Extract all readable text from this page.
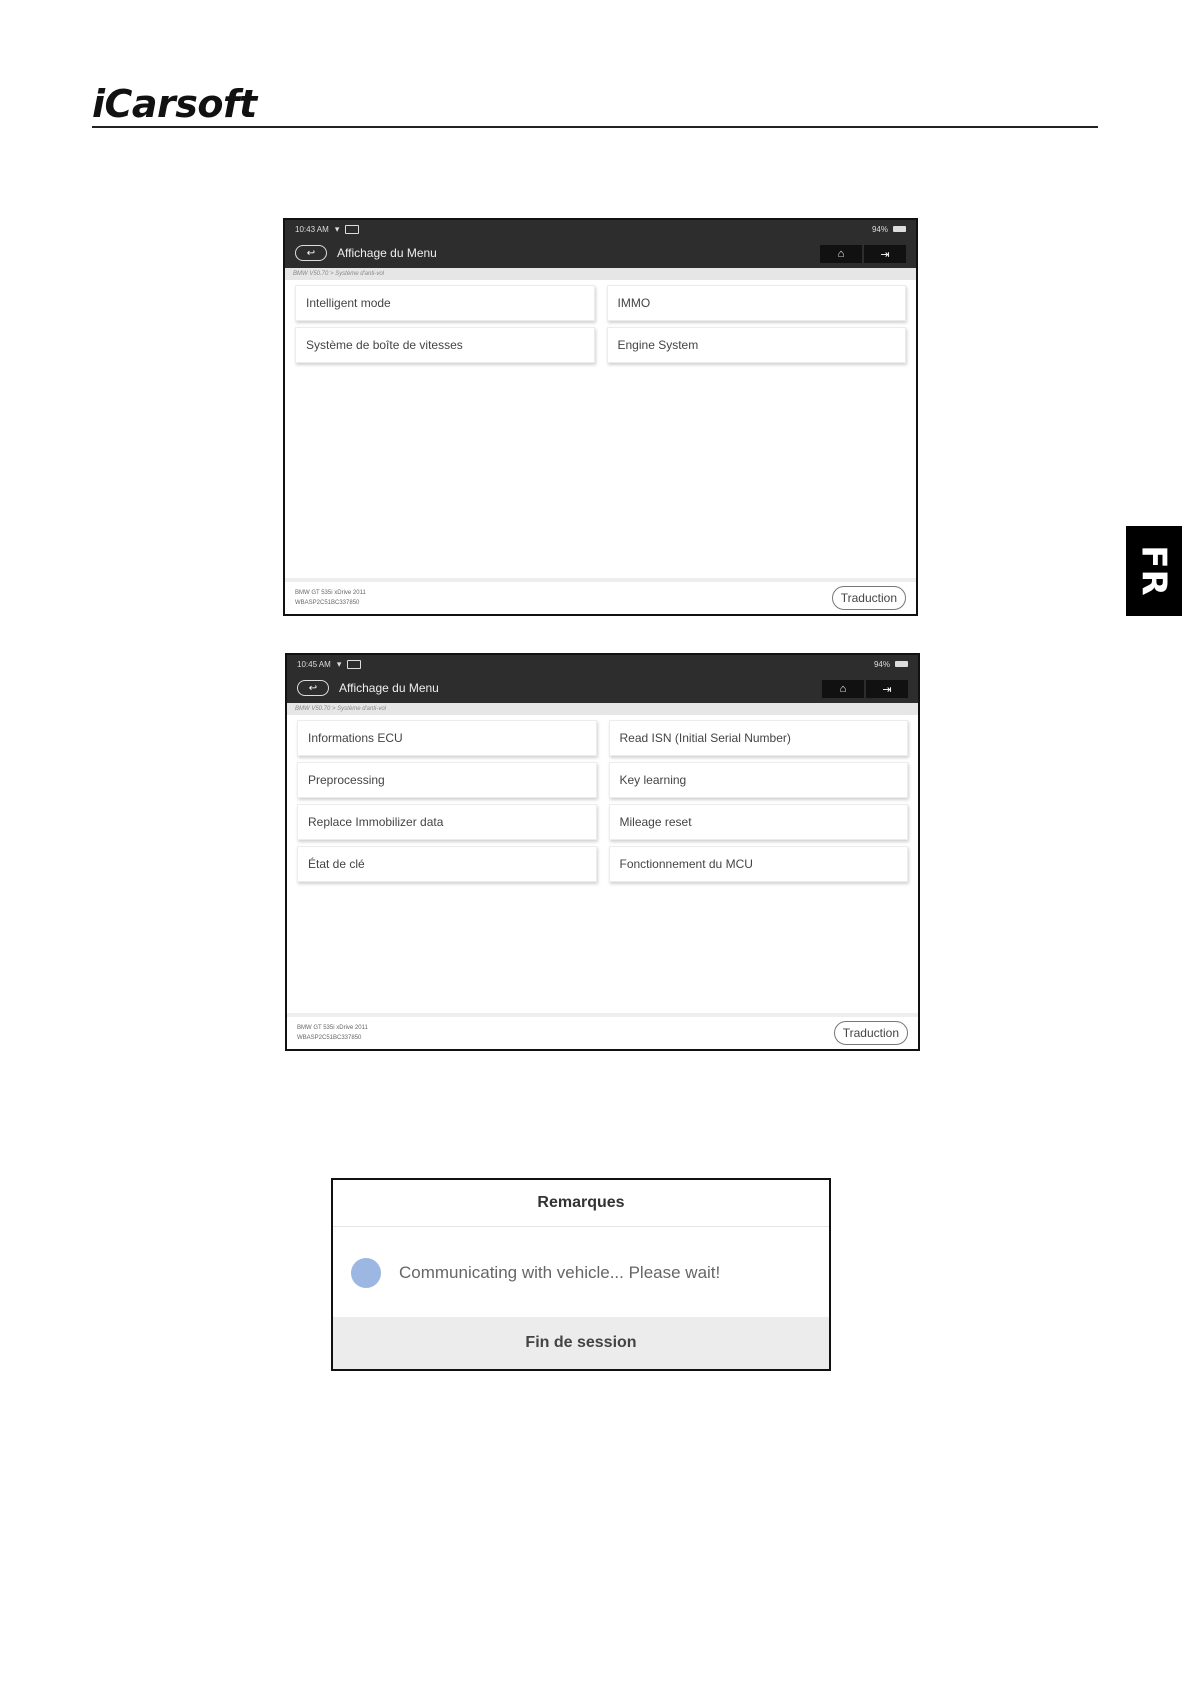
iCarsoft
FR
10:43 AM ▾	94%
↩ Affichage du Menu	⌂	⇥
BMW V50.70 > Système d'anti-vol
Intelligent mode	IMMO
Système de boîte de vitesses	Engine System
BMW GT 535i xDrive 2011
WBASP2C51BC337850	Traduction
10:45 AM ▾	94%
↩ Affichage du Menu	⌂	⇥
BMW V50.70 > Système d'anti-vol
Informations ECU	Read ISN (Initial Serial Number)
Preprocessing	Key learning
Replace Immobilizer data	Mileage reset
État de clé	Fonctionnement du MCU
BMW GT 535i xDrive 2011
WBASP2C51BC337850	Traduction
Remarques
Communicating with vehicle... Please wait!
Fin de session
